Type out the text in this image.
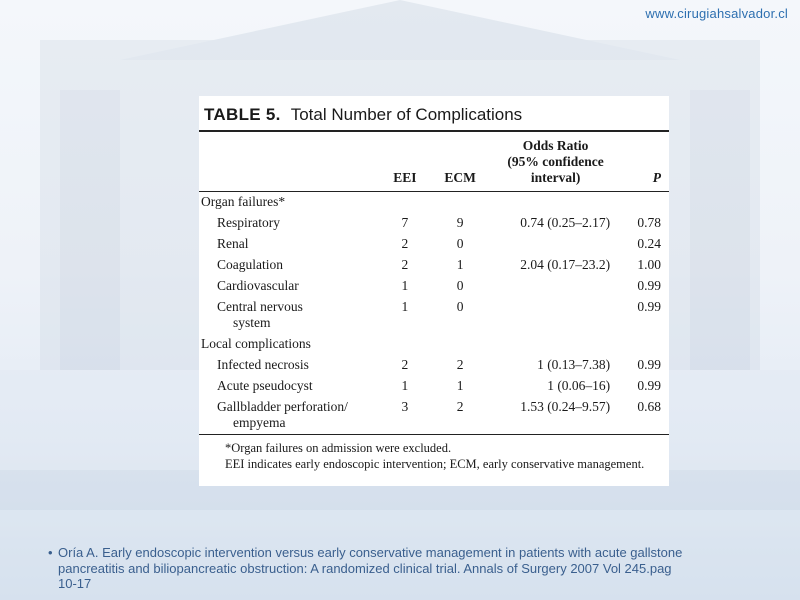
www.cirugiahsalvador.cl
TABLE 5. Total Number of Complications
	EEI	ECM	Odds Ratio
(95% confidence
interval)	P

Organ failures*				

Respiratory	7	9	0.74 (0.25–2.17)	0.78

Renal	2	0		0.24

Coagulation	2	1	2.04 (0.17–23.2)	1.00

Cardiovascular	1	0		0.99

Central nervous
system	1	0		0.99
Local complications				

Infected necrosis	2	2	1 (0.13–7.38)	0.99

Acute pseudocyst	1	1	1 (0.06–16)	0.99

Gallbladder perforation/
empyema	3	2	1.53 (0.24–9.57)	0.68
*Organ failures on admission were excluded.
EEI indicates early endoscopic intervention; ECM, early conservative management.
• Oría A. Early endoscopic intervention versus early conservative management in patients with acute gallstone
pancreatitis and biliopancreatic obstruction: A randomized clinical trial. Annals of Surgery 2007 Vol 245.pag
10-17
